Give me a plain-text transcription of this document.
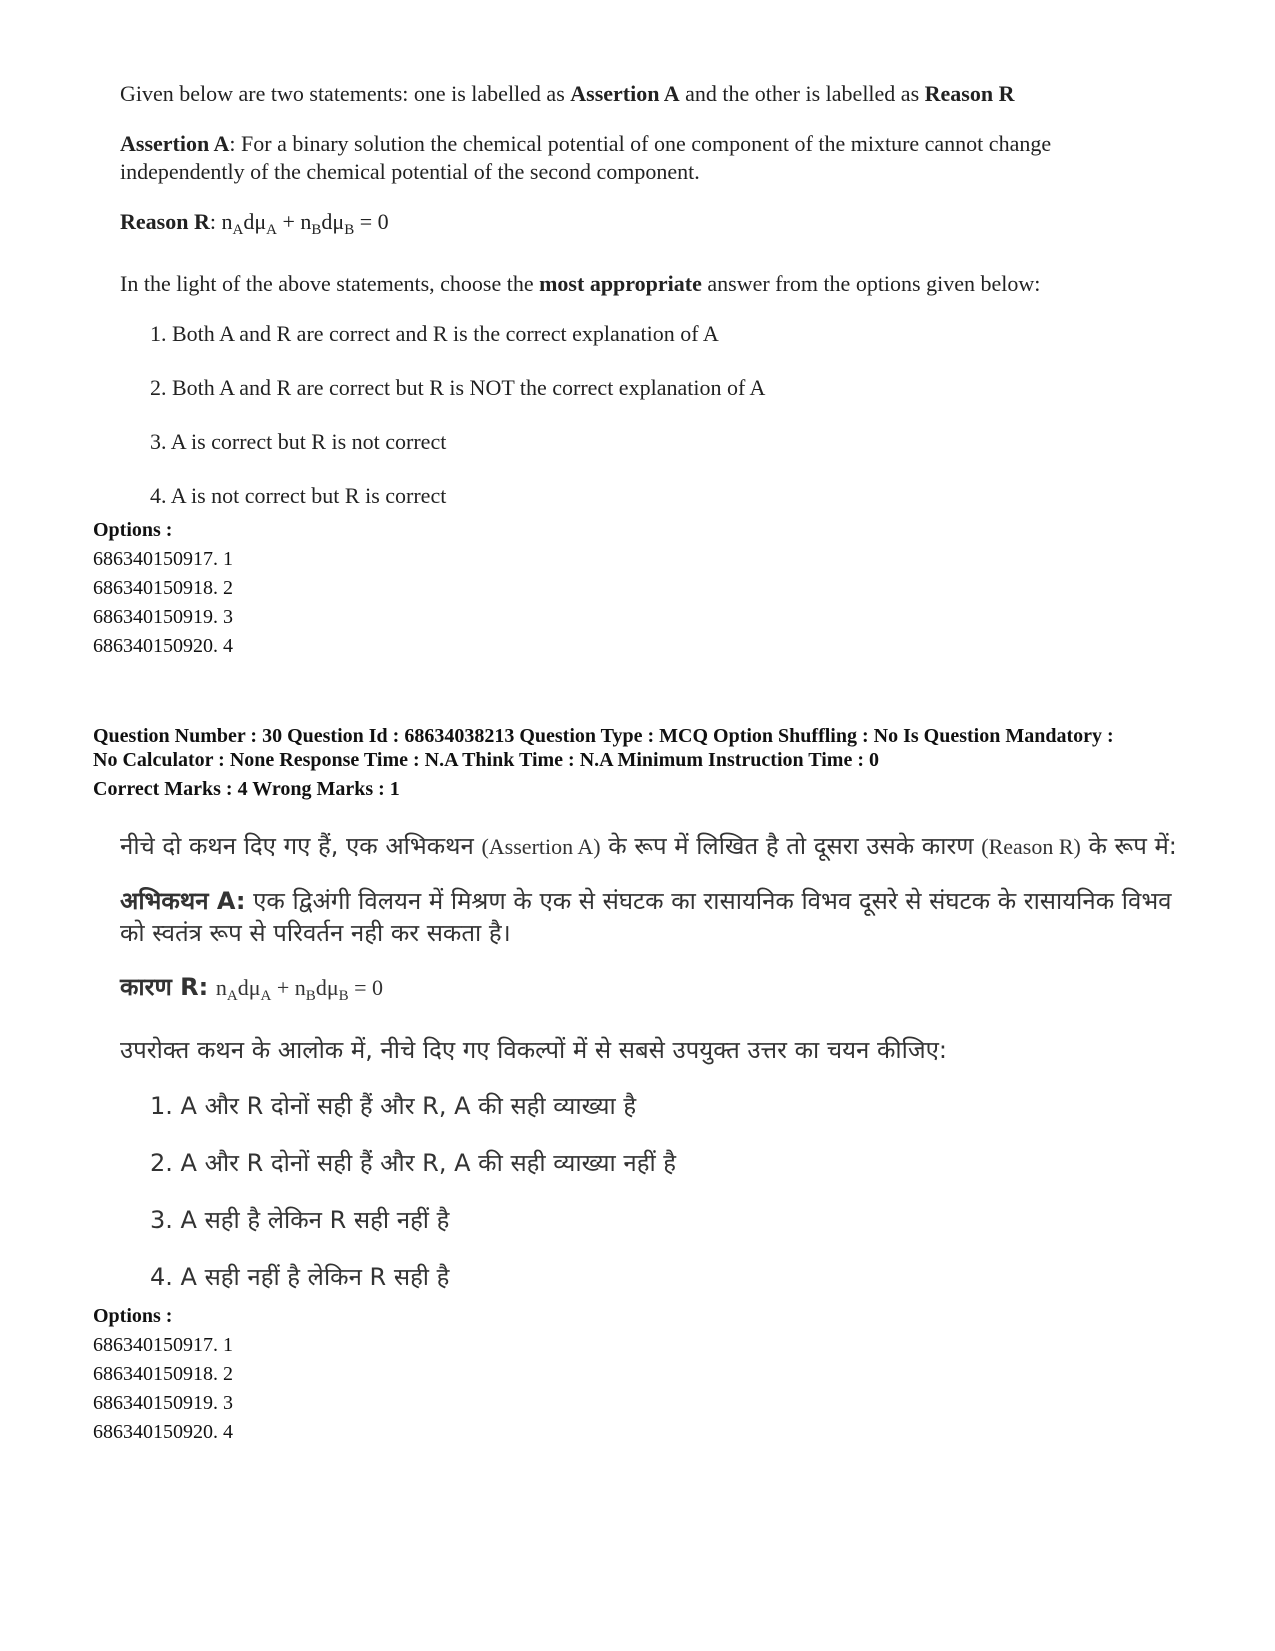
Given below are two statements: one is labelled as Assertion A and the other is labelled as Reason R

Assertion A: For a binary solution the chemical potential of one component of the mixture cannot change independently of the chemical potential of the second component.

Reason R: $n_Ad\mu_A + n_Bd\mu_B = 0$

In the light of the above statements, choose the most appropriate answer from the options given below:

1. Both A and R are correct and R is the correct explanation of A
2. Both A and R are correct but R is NOT the correct explanation of A
3. A is correct but R is not correct
4. A is not correct but R is correct
Options :
686340150917. 1
686340150918. 2
686340150919. 3
686340150920. 4
Question Number : 30 Question Id : 68634038213 Question Type : MCQ Option Shuffling : No Is Question Mandatory :
No Calculator : None Response Time : N.A Think Time : N.A Minimum Instruction Time : 0
Correct Marks : 4 Wrong Marks : 1

नीचे दो कथन दिए गए हैं, एक अभिकथन (Assertion A) के रूप में लिखित है तो दूसरा उसके कारण (Reason R) के रूप में:

अभिकथन A: एक द्विअंगी विलयन में मिश्रण के एक से संघटक का रासायनिक विभव दूसरे से संघटक के रासायनिक विभव को स्वतंत्र रूप से परिवर्तन नही कर सकता है।

कारण R: $n_Ad\mu_A + n_Bd\mu_B = 0$

उपरोक्त कथन के आलोक में, नीचे दिए गए विकल्पों में से सबसे उपयुक्त उत्तर का चयन कीजिए:

1. A और R दोनों सही हैं और R, A की सही व्याख्या है
2. A और R दोनों सही हैं और R, A की सही व्याख्या नहीं है
3. A सही है लेकिन R सही नहीं है
4. A सही नहीं है लेकिन R सही है
Options :
686340150917. 1
686340150918. 2
686340150919. 3
686340150920. 4
